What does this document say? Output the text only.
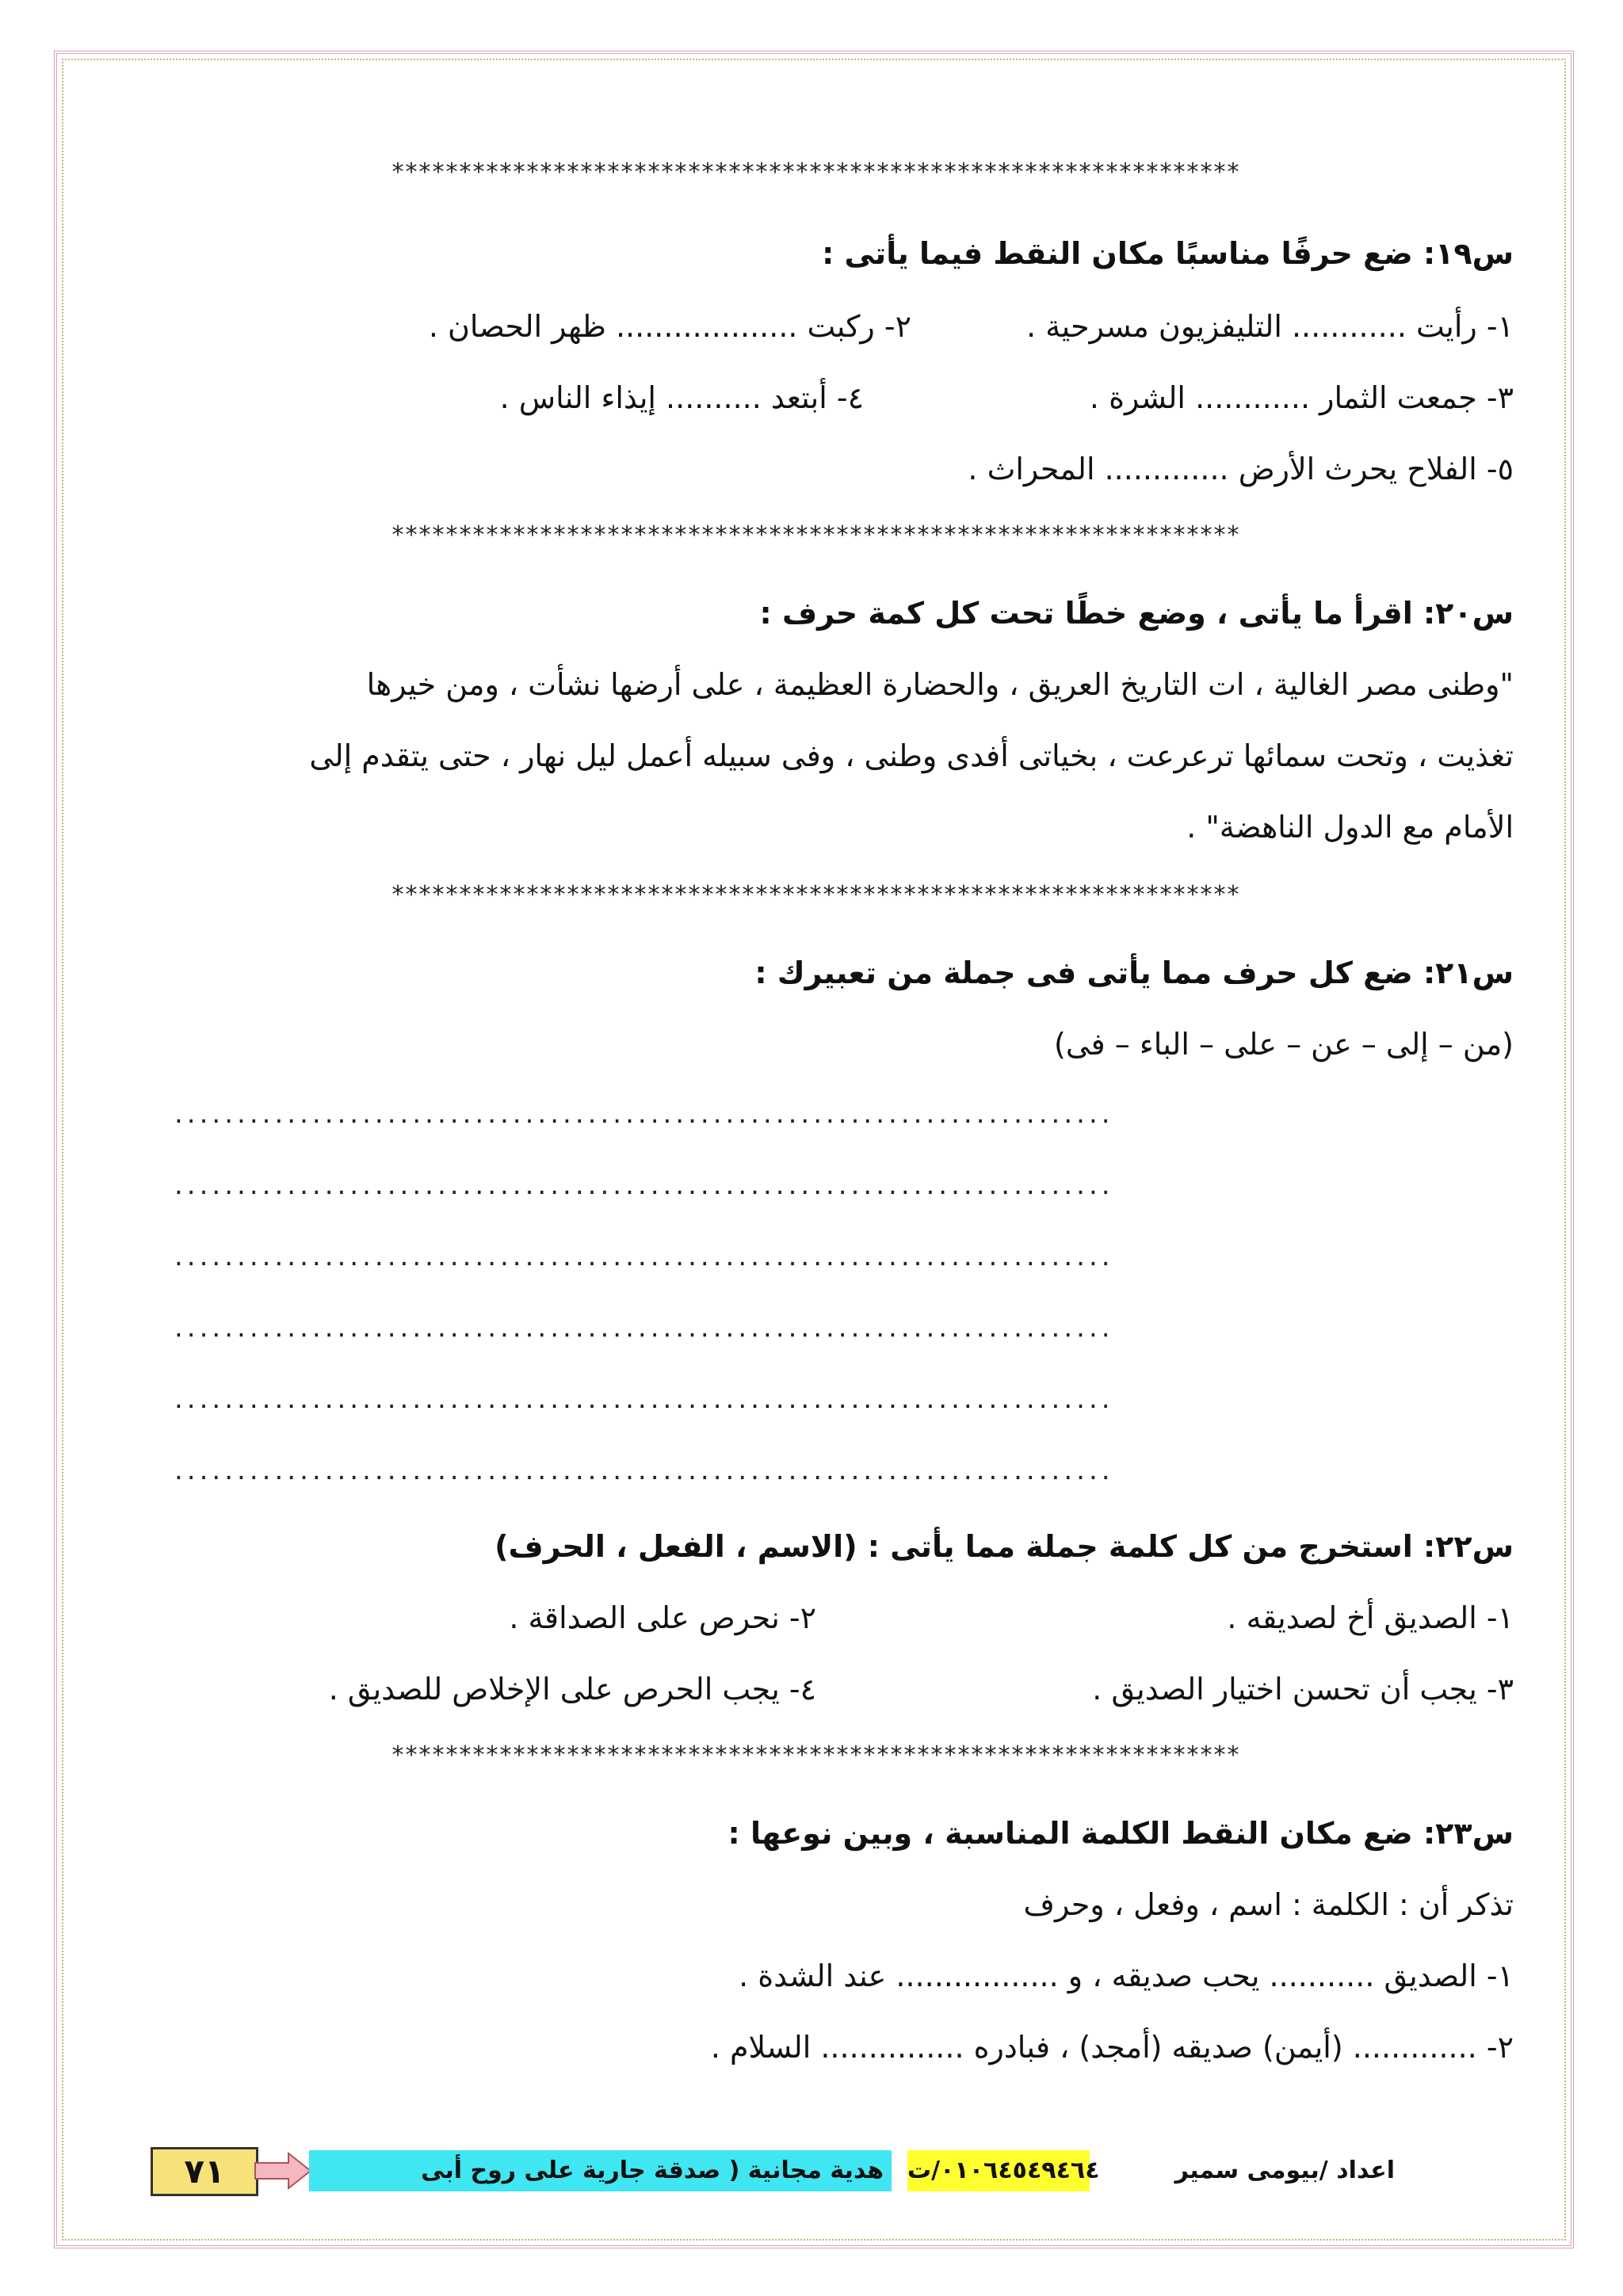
***************************************************************
س١٩: ضع حرفًا مناسبًا مكان النقط فيما يأتى :
١- رأيت ............ التليفزيون مسرحية .
٢- ركبت ................... ظهر الحصان .
٣- جمعت الثمار ............ الشرة .
٤- أبتعد .......... إيذاء الناس .
٥- الفلاح يحرث الأرض ............. المحراث .
***************************************************************
س٢٠: اقرأ ما يأتى ، وضع خطًا تحت كل كمة حرف :
"وطنى مصر الغالية ، ات التاريخ العريق ، والحضارة العظيمة ، على أرضها نشأت ، ومن خيرها
تغذيت ، وتحت سمائها ترعرعت ، بخياتى أفدى وطنى ، وفى سبيله أعمل ليل نهار ، حتى يتقدم إلى
الأمام مع الدول الناهضة" .
***************************************************************
س٢١: ضع كل حرف مما يأتى فى جملة من تعبيرك :
(من – إلى – عن – على – الباء – فى)
...........................................................................
...........................................................................
...........................................................................
...........................................................................
...........................................................................
...........................................................................
س٢٢: استخرج من كل كلمة جملة مما يأتى : (الاسم ، الفعل ، الحرف)
١- الصديق أخ لصديقه .
٢- نحرص على الصداقة .
٣- يجب أن تحسن اختيار الصديق .
٤- يجب الحرص على الإخلاص للصديق .
***************************************************************
س٢٣: ضع مكان النقط الكلمة المناسبة ، وبين نوعها :
تذكر أن : الكلمة : اسم ، وفعل ، وحرف
١- الصديق ........... يحب صديقه ، و ................. عند الشدة .
٢- ............. (أيمن) صديقه (أمجد) ، فبادره ............... السلام .
٧١	هدية مجانية ( صدقة جارية على روح أبى	٠١٠٦٤٥٤٩٤٦٤/ت	اعداد /بيومى سمير
